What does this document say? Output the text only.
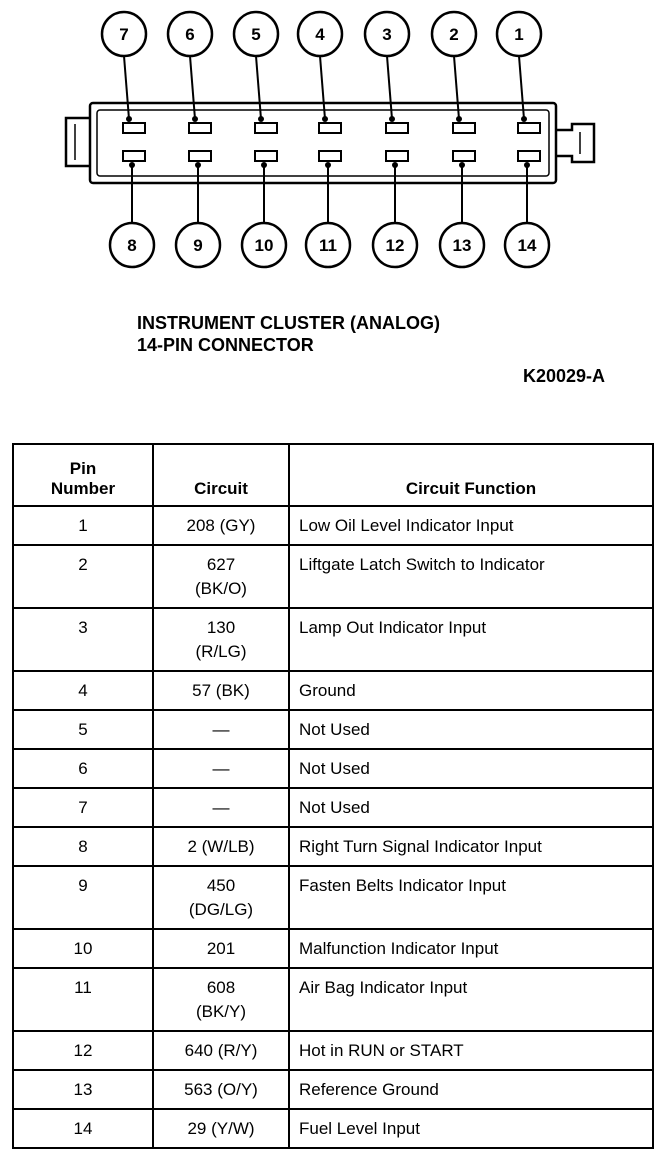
7	6	5	4	3	2	1
8	9	10	11	12	13	14
INSTRUMENT CLUSTER (ANALOG)
14-PIN CONNECTOR
K20029-A
Pin
Number	Circuit	Circuit Function
1	208 (GY)	Low Oil Level Indicator Input
2	627
(BK/O)	Liftgate Latch Switch to Indicator
3	130
(R/LG)	Lamp Out Indicator Input
4	57 (BK)	Ground
5	—	Not Used
6	—	Not Used
7	—	Not Used
8	2 (W/LB)	Right Turn Signal Indicator Input
9	450
(DG/LG)	Fasten Belts Indicator Input
10	201	Malfunction Indicator Input
11	608
(BK/Y)	Air Bag Indicator Input
12	640 (R/Y)	Hot in RUN or START
13	563 (O/Y)	Reference Ground
14	29 (Y/W)	Fuel Level Input
